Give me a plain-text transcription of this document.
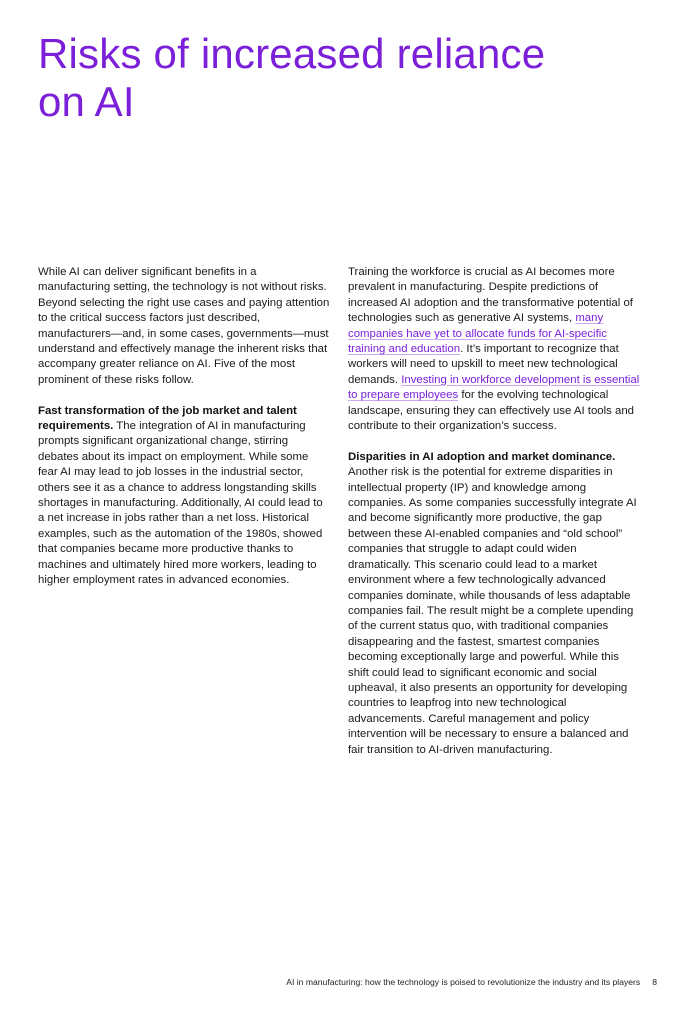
Risks of increased reliance on AI

While AI can deliver significant benefits in a manufacturing setting, the technology is not without risks. Beyond selecting the right use cases and paying attention to the critical success factors just described, manufacturers—and, in some cases, governments—must understand and effectively manage the inherent risks that accompany greater reliance on AI. Five of the most prominent of these risks follow.

Fast transformation of the job market and talent requirements. The integration of AI in manufacturing prompts significant organizational change, stirring debates about its impact on employment. While some fear AI may lead to job losses in the industrial sector, others see it as a chance to address longstanding skills shortages in manufacturing. Additionally, AI could lead to a net increase in jobs rather than a net loss. Historical examples, such as the automation of the 1980s, showed that companies became more productive thanks to machines and ultimately hired more workers, leading to higher employment rates in advanced economies.

Training the workforce is crucial as AI becomes more prevalent in manufacturing. Despite predictions of increased AI adoption and the transformative potential of technologies such as generative AI systems, many companies have yet to allocate funds for AI-specific training and education. It’s important to recognize that workers will need to upskill to meet new technological demands. Investing in workforce development is essential to prepare employees for the evolving technological landscape, ensuring they can effectively use AI tools and contribute to their organization’s success.

Disparities in AI adoption and market dominance. Another risk is the potential for extreme disparities in intellectual property (IP) and knowledge among companies. As some companies successfully integrate AI and become significantly more productive, the gap between these AI-enabled companies and “old school” companies that struggle to adapt could widen dramatically. This scenario could lead to a market environment where a few technologically advanced companies dominate, while thousands of less adaptable companies fail. The result might be a complete upending of the current status quo, with traditional companies disappearing and the fastest, smartest companies becoming exceptionally large and powerful. While this shift could lead to significant economic and social upheaval, it also presents an opportunity for developing countries to leapfrog into new technological advancements. Careful management and policy intervention will be necessary to ensure a balanced and fair transition to AI-driven manufacturing.

AI in manufacturing: how the technology is poised to revolutionize the industry and its players 8
